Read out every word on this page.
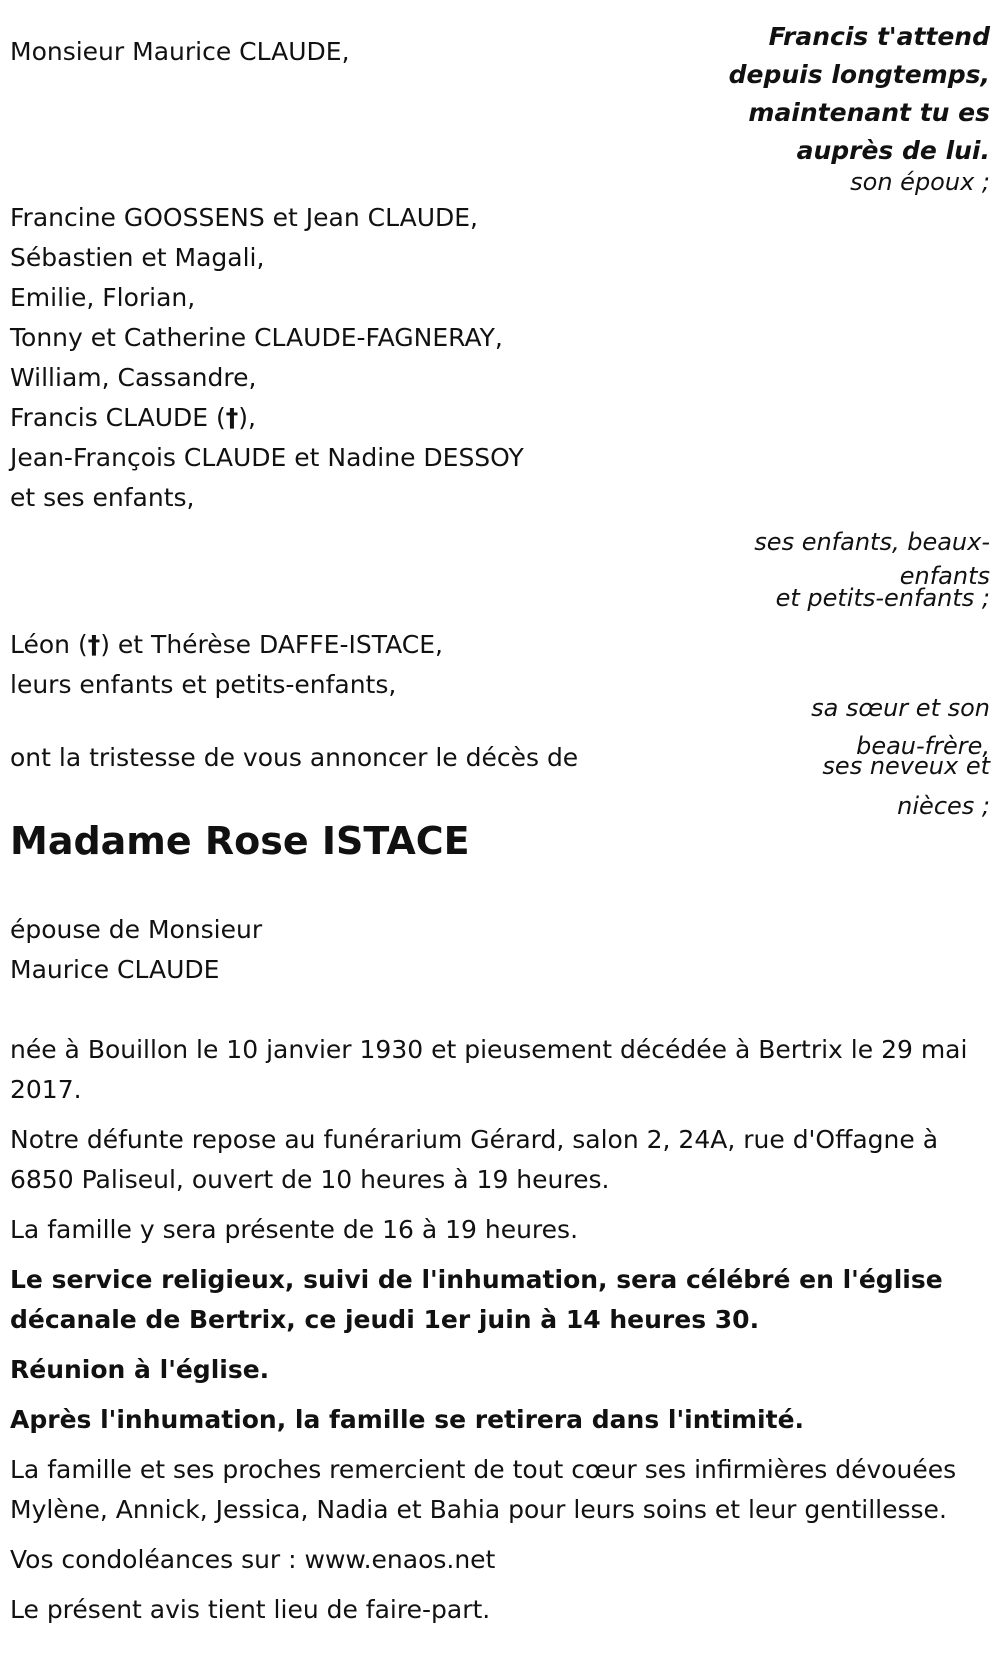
Monsieur Maurice CLAUDE,

Francis t'attend
depuis longtemps,
maintenant tu es
auprès de lui.

son époux ;

Francine GOOSSENS et Jean CLAUDE,
Sébastien et Magali,
Emilie, Florian,
Tonny et Catherine CLAUDE-FAGNERAY,
William, Cassandre,
Francis CLAUDE (†),
Jean-François CLAUDE et Nadine DESSOY
et ses enfants,
ses enfants, beaux-
enfants
et petits-enfants ;
Léon (†) et Thérèse DAFFE-ISTACE,
leurs enfants et petits-enfants,
sa sœur et son
beau-frère,
ses neveux et
nièces ;

ont la tristesse de vous annoncer le décès de

Madame Rose ISTACE
épouse de Monsieur
Maurice CLAUDE

née à Bouillon le 10 janvier 1930 et pieusement décédée à Bertrix le 29 mai 2017.

Notre défunte repose au funérarium Gérard, salon 2, 24A, rue d'Offagne à 6850 Paliseul, ouvert de 10 heures à 19 heures.

La famille y sera présente de 16 à 19 heures.

Le service religieux, suivi de l'inhumation, sera célébré en l'église décanale de Bertrix, ce jeudi 1er juin à 14 heures 30.

Réunion à l'église.

Après l'inhumation, la famille se retirera dans l'intimité.

La famille et ses proches remercient de tout cœur ses infirmières dévouées Mylène, Annick, Jessica, Nadia et Bahia pour leurs soins et leur gentillesse.

Vos condoléances sur : www.enaos.net

Le présent avis tient lieu de faire-part.
